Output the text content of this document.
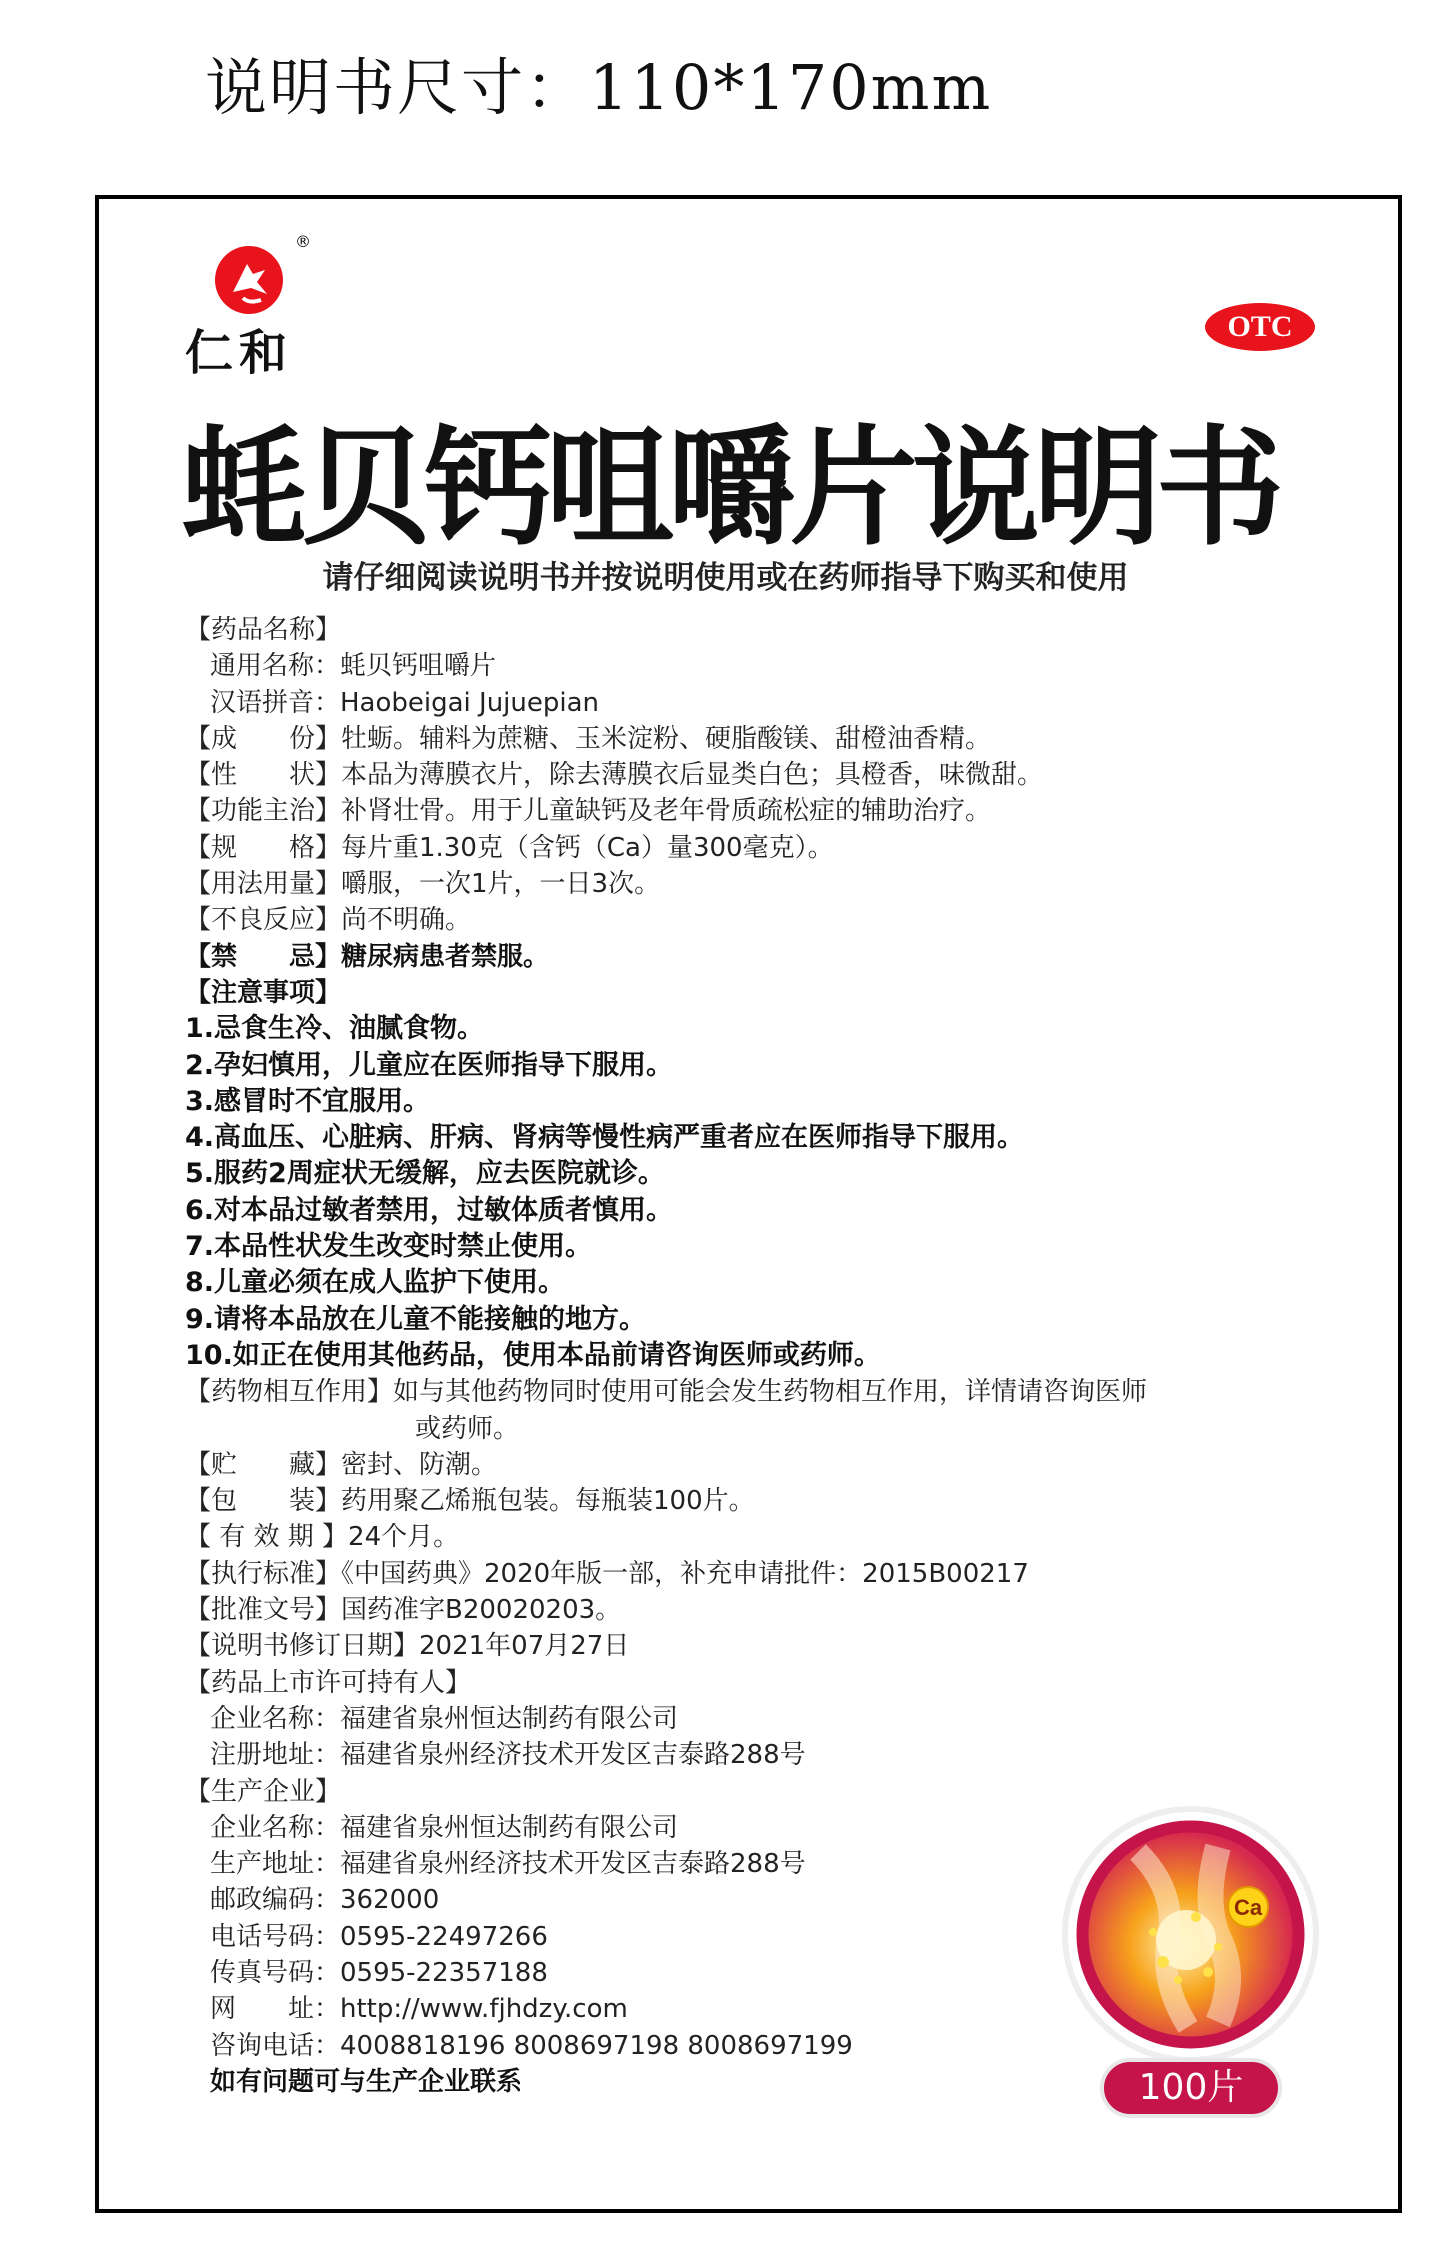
说明书尺寸：110*170mm
®
仁和	OTC
蚝贝钙咀嚼片说明书
请仔细阅读说明书并按说明使用或在药师指导下购买和使用
【药品名称】
通用名称：蚝贝钙咀嚼片
汉语拼音：Haobeigai Jujuepian
【成　　份】牡蛎。辅料为蔗糖、玉米淀粉、硬脂酸镁、甜橙油香精。
【性　　状】本品为薄膜衣片，除去薄膜衣后显类白色；具橙香，味微甜。
【功能主治】补肾壮骨。用于儿童缺钙及老年骨质疏松症的辅助治疗。
【规　　格】每片重1.30克（含钙（Ca）量300毫克）。
【用法用量】嚼服，一次1片，一日3次。
【不良反应】尚不明确。
【禁　　忌】糖尿病患者禁服。
【注意事项】
1.忌食生冷、油腻食物。
2.孕妇慎用，儿童应在医师指导下服用。
3.感冒时不宜服用。
4.高血压、心脏病、肝病、肾病等慢性病严重者应在医师指导下服用。
5.服药2周症状无缓解，应去医院就诊。
6.对本品过敏者禁用，过敏体质者慎用。
7.本品性状发生改变时禁止使用。
8.儿童必须在成人监护下使用。
9.请将本品放在儿童不能接触的地方。
10.如正在使用其他药品，使用本品前请咨询医师或药师。
【药物相互作用】如与其他药物同时使用可能会发生药物相互作用，详情请咨询医师
或药师。
【贮　　藏】密封、防潮。
【包　　装】药用聚乙烯瓶包装。每瓶装100片。
【 有 效 期 】24个月。
【执行标准】《中国药典》2020年版一部，补充申请批件：2015B00217
【批准文号】国药准字B20020203。
【说明书修订日期】2021年07月27日
【药品上市许可持有人】
企业名称：福建省泉州恒达制药有限公司
注册地址：福建省泉州经济技术开发区吉泰路288号
【生产企业】
企业名称：福建省泉州恒达制药有限公司
生产地址：福建省泉州经济技术开发区吉泰路288号
邮政编码：362000
电话号码：0595-22497266
传真号码：0595-22357188
网　　址：http://www.fjhdzy.com
咨询电话：4008818196 8008697198 8008697199
如有问题可与生产企业联系
Ca
100片
